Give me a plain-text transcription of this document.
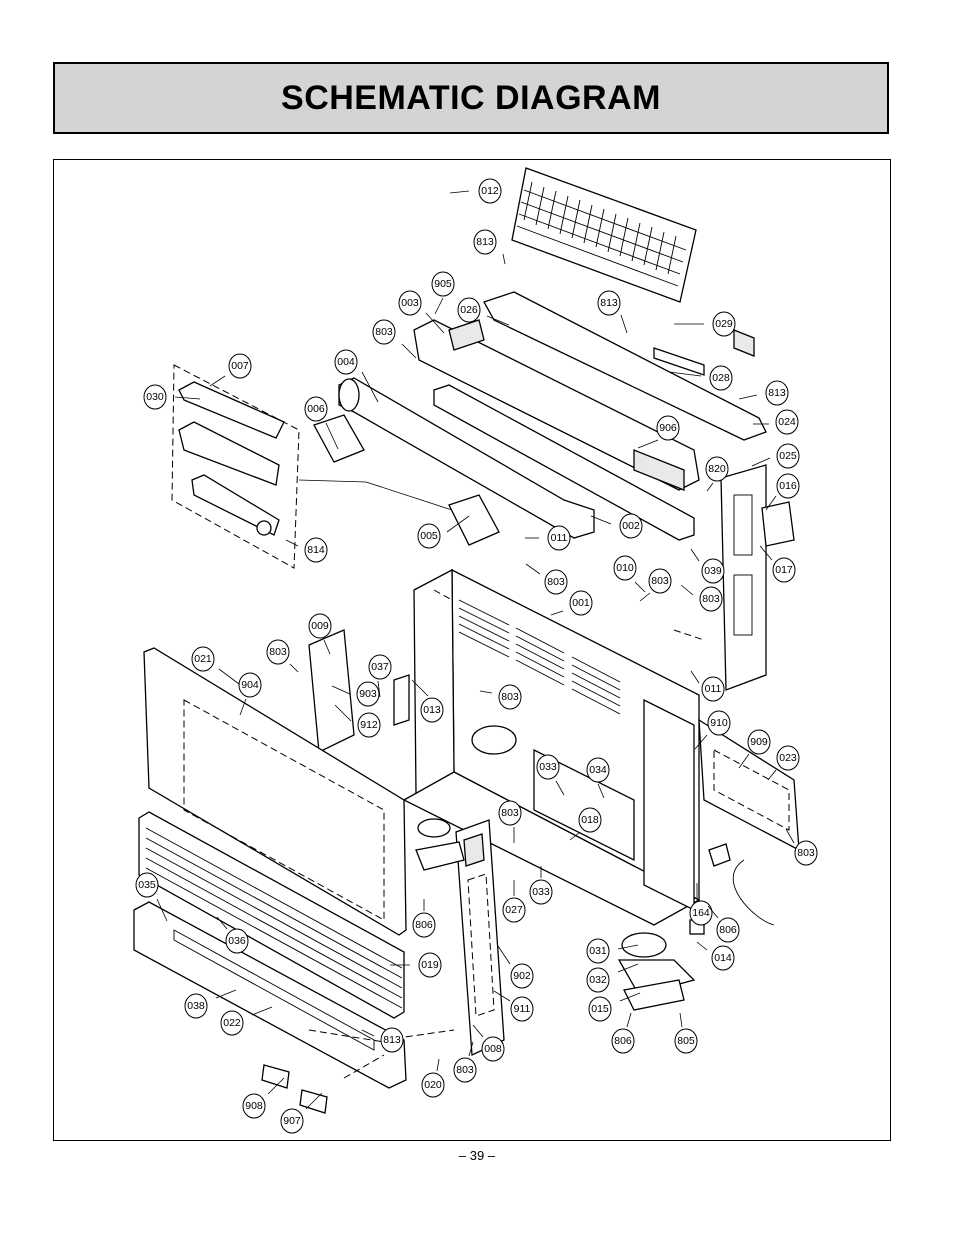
SCHEMATIC DIAGRAM
012
813
905
026
003	813
029
803
028
007	004
813
030
006
024
906
025
820
016
002
005	011
039	017
814
803
010
803
001	803
009
021
803
037
011
904
903	803
013
912	910
909
023
033	034
803
018
803
027
033
035
806
164
806
036
031
014
019
902	032
038
022
911	015
806	805
813
008
803
020
908
907
– 39 –
